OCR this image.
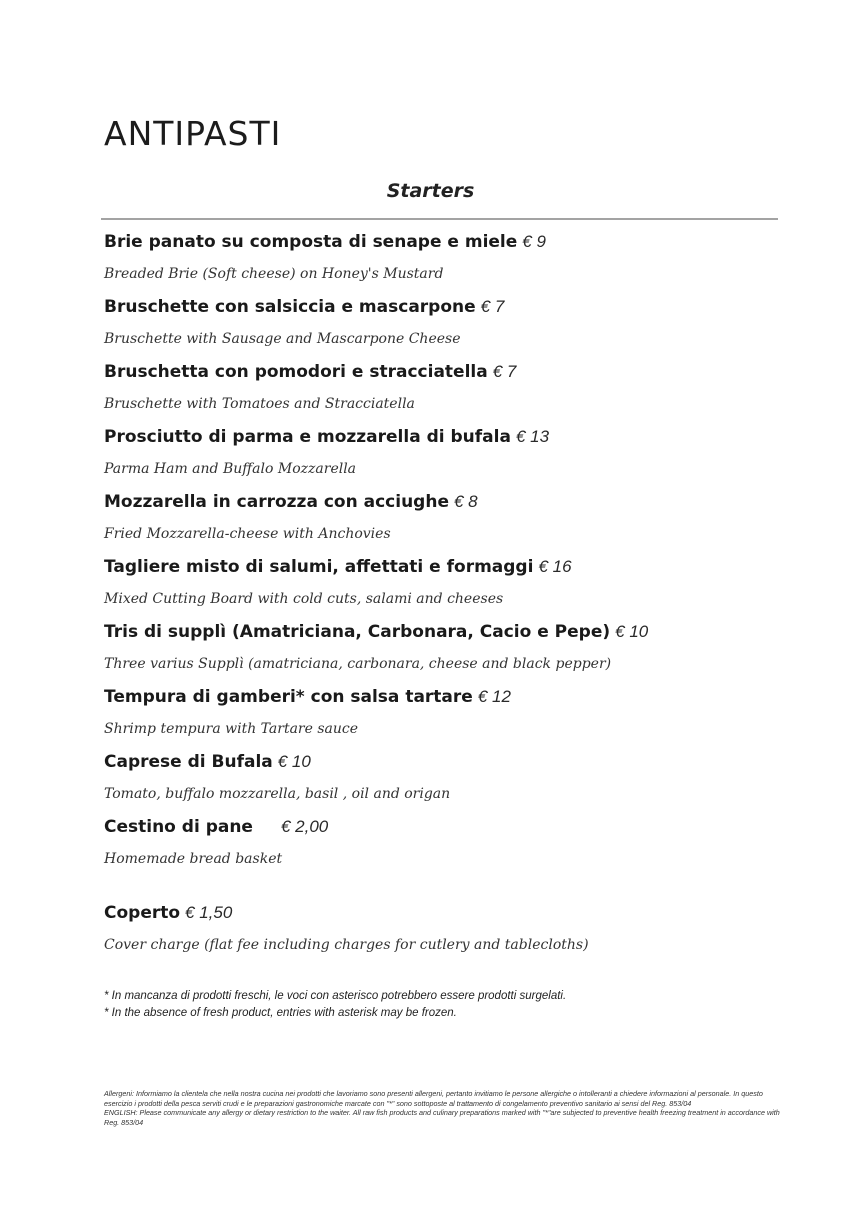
ANTIPASTI
Starters
Brie panato su composta di senape e miele € 9
Breaded Brie (Soft cheese) on Honey's Mustard
Bruschette con salsiccia e mascarpone € 7
Bruschette with Sausage and Mascarpone Cheese
Bruschetta con pomodori e stracciatella € 7
Bruschette with Tomatoes and Stracciatella
Prosciutto di parma e mozzarella di bufala € 13
Parma Ham and Buffalo Mozzarella
Mozzarella in carrozza con acciughe € 8
Fried Mozzarella-cheese with Anchovies
Tagliere misto di salumi, affettati e formaggi € 16
Mixed Cutting Board with cold cuts, salami and cheeses
Tris di supplì (Amatriciana, Carbonara, Cacio e Pepe) € 10
Three varius Supplì (amatriciana, carbonara, cheese and black pepper)
Tempura di gamberi* con salsa tartare € 12
Shrimp tempura with Tartare sauce
Caprese di Bufala € 10
Tomato, buffalo mozzarella, basil , oil and origan
Cestino di pane € 2,00
Homemade bread basket
Coperto € 1,50
Cover charge (flat fee including charges for cutlery and tablecloths)
* In mancanza di prodotti freschi, le voci con asterisco potrebbero essere prodotti surgelati.
* In the absence of fresh product, entries with asterisk may be frozen.

Allergeni: Informiamo la clientela che nella nostra cucina nei prodotti che lavoriamo sono presenti allergeni, pertanto invitiamo le persone allergiche o intolleranti a chiedere informazioni al personale. In questo esercizio i prodotti della pesca serviti crudi e le preparazioni gastronomiche marcate con "*" sono sottoposte al trattamento di congelamento preventivo sanitario ai sensi del Reg. 853/04

ENGLISH: Please communicate any allergy or dietary restriction to the waiter. All raw fish products and culinary preparations marked with "*"are subjected to preventive health freezing treatment in accordance with Reg. 853/04
